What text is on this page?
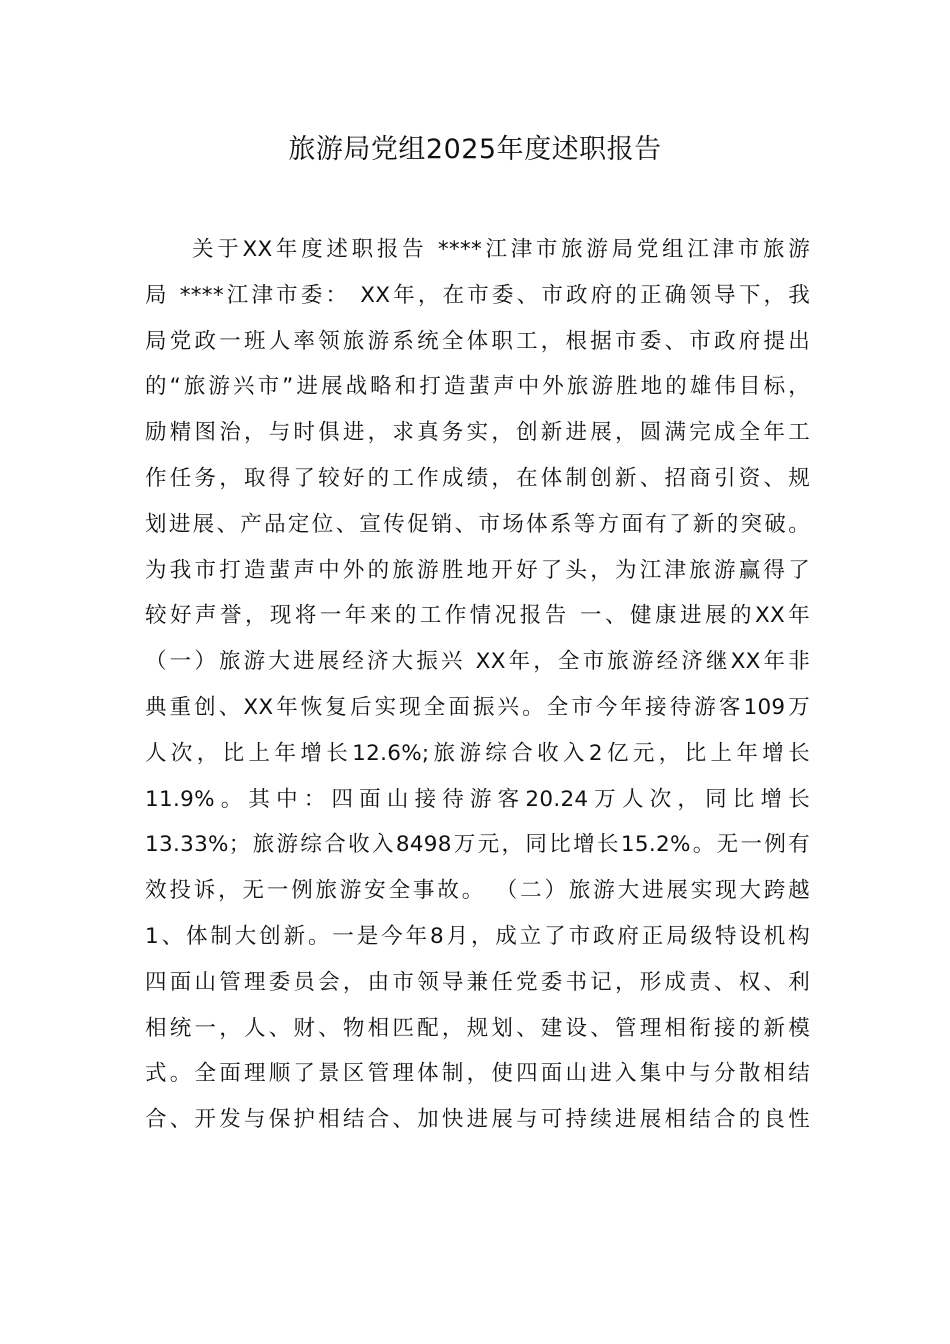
旅游局党组2025年度述职报告
关于XX年度述职报告 ****江津市旅游局党组江津市旅游
局 ****江津市委： XX年，在市委、市政府的正确领导下，我
局党政一班人率领旅游系统全体职工，根据市委、市政府提出
的“旅游兴市”进展战略和打造蜚声中外旅游胜地的雄伟目标，
励精图治，与时俱进，求真务实，创新进展，圆满完成全年工
作任务，取得了较好的工作成绩，在体制创新、招商引资、规
划进展、产品定位、宣传促销、市场体系等方面有了新的突破。
为我市打造蜚声中外的旅游胜地开好了头，为江津旅游赢得了
较好声誉，现将一年来的工作情况报告 一、健康进展的XX年
（一）旅游大进展经济大振兴 XX年，全市旅游经济继XX年非
典重创、XX年恢复后实现全面振兴。全市今年接待游客109万
人次，比上年增长12.6%;旅游综合收入2亿元，比上年增长
11.9%。其中：四面山接待游客20.24万人次，同比增长
13.33%；旅游综合收入8498万元，同比增长15.2%。无一例有
效投诉，无一例旅游安全事故。 （二）旅游大进展实现大跨越
1、体制大创新。一是今年8月，成立了市政府正局级特设机构
四面山管理委员会，由市领导兼任党委书记，形成责、权、利
相统一，人、财、物相匹配，规划、建设、管理相衔接的新模
式。全面理顺了景区管理体制，使四面山进入集中与分散相结
合、开发与保护相结合、加快进展与可持续进展相结合的良性
